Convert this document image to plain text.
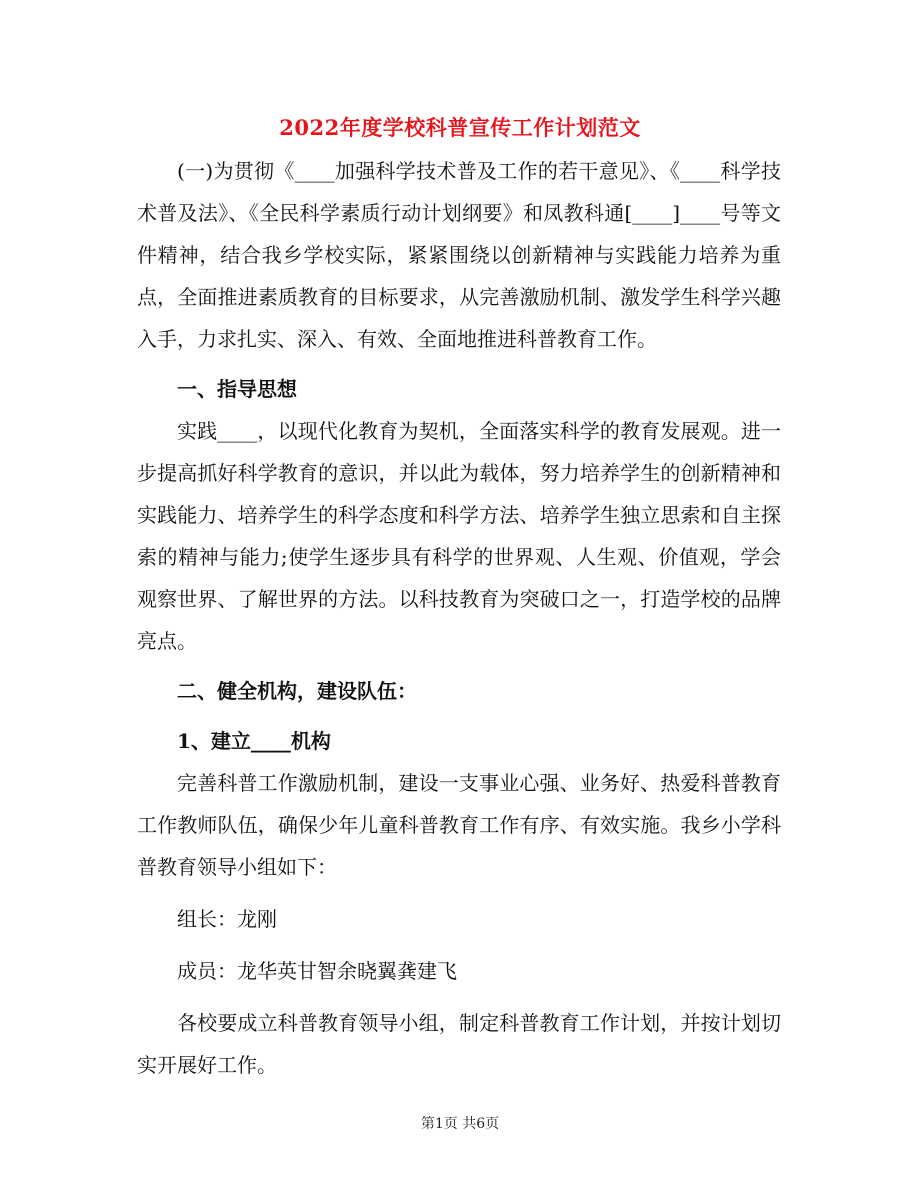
2022年度学校科普宣传工作计划范文

(一)为贯彻《____加强科学技术普及工作的若干意见》、《____科学技术普及法》、《全民科学素质行动计划纲要》和凤教科通[____]____号等文件精神，结合我乡学校实际，紧紧围绕以创新精神与实践能力培养为重点，全面推进素质教育的目标要求，从完善激励机制、激发学生科学兴趣入手，力求扎实、深入、有效、全面地推进科普教育工作。

一、指导思想

实践____，以现代化教育为契机，全面落实科学的教育发展观。进一步提高抓好科学教育的意识，并以此为载体，努力培养学生的创新精神和实践能力、培养学生的科学态度和科学方法、培养学生独立思索和自主探索的精神与能力;使学生逐步具有科学的世界观、人生观、价值观，学会观察世界、了解世界的方法。以科技教育为突破口之一，打造学校的品牌亮点。

二、健全机构，建设队伍：

1、建立____机构

完善科普工作激励机制，建设一支事业心强、业务好、热爱科普教育工作教师队伍，确保少年儿童科普教育工作有序、有效实施。我乡小学科普教育领导小组如下：

组长：龙刚

成员：龙华英甘智余晓翼龚建飞

各校要成立科普教育领导小组，制定科普教育工作计划，并按计划切实开展好工作。

第1页 共6页
